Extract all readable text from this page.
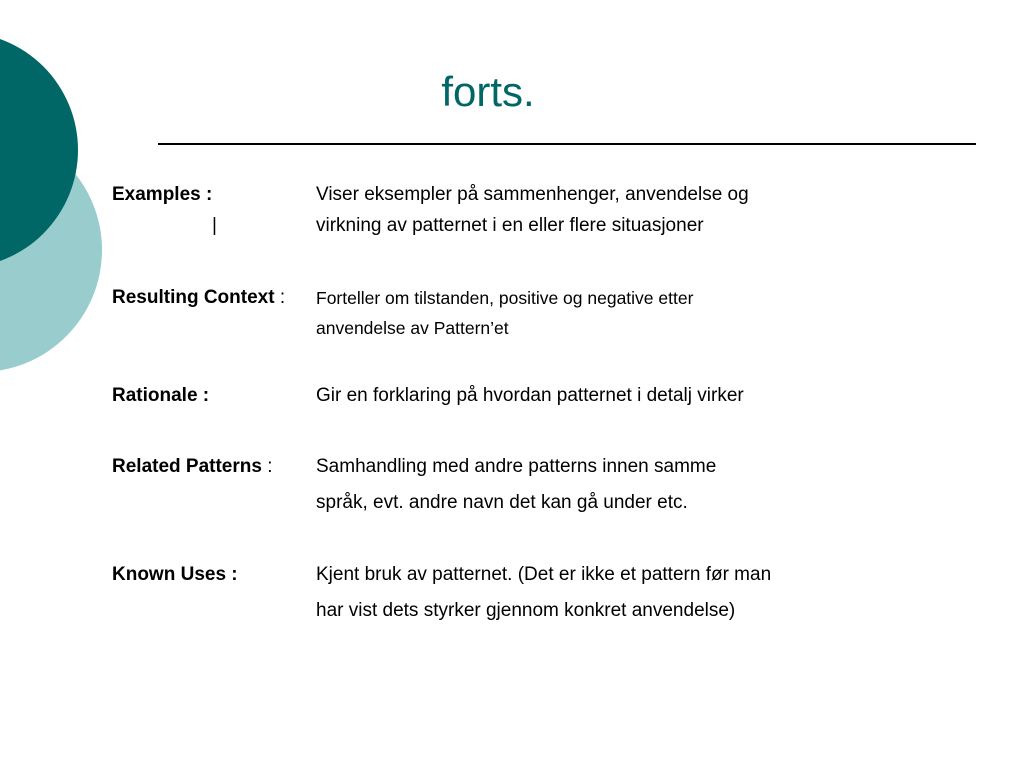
forts.
Examples :
|
Viser eksempler på sammenhenger, anvendelse og
virkning av patternet i en eller flere situasjoner
Resulting Context : Forteller om tilstanden, positive og negative etter
anvendelse av Pattern’et
Rationale :	Gir en forklaring på hvordan patternet i detalj virker
Related Patterns : Samhandling med andre patterns innen samme
språk, evt. andre navn det kan gå under etc.
Known Uses :	Kjent bruk av patternet. (Det er ikke et pattern før man
har vist dets styrker gjennom konkret anvendelse)
